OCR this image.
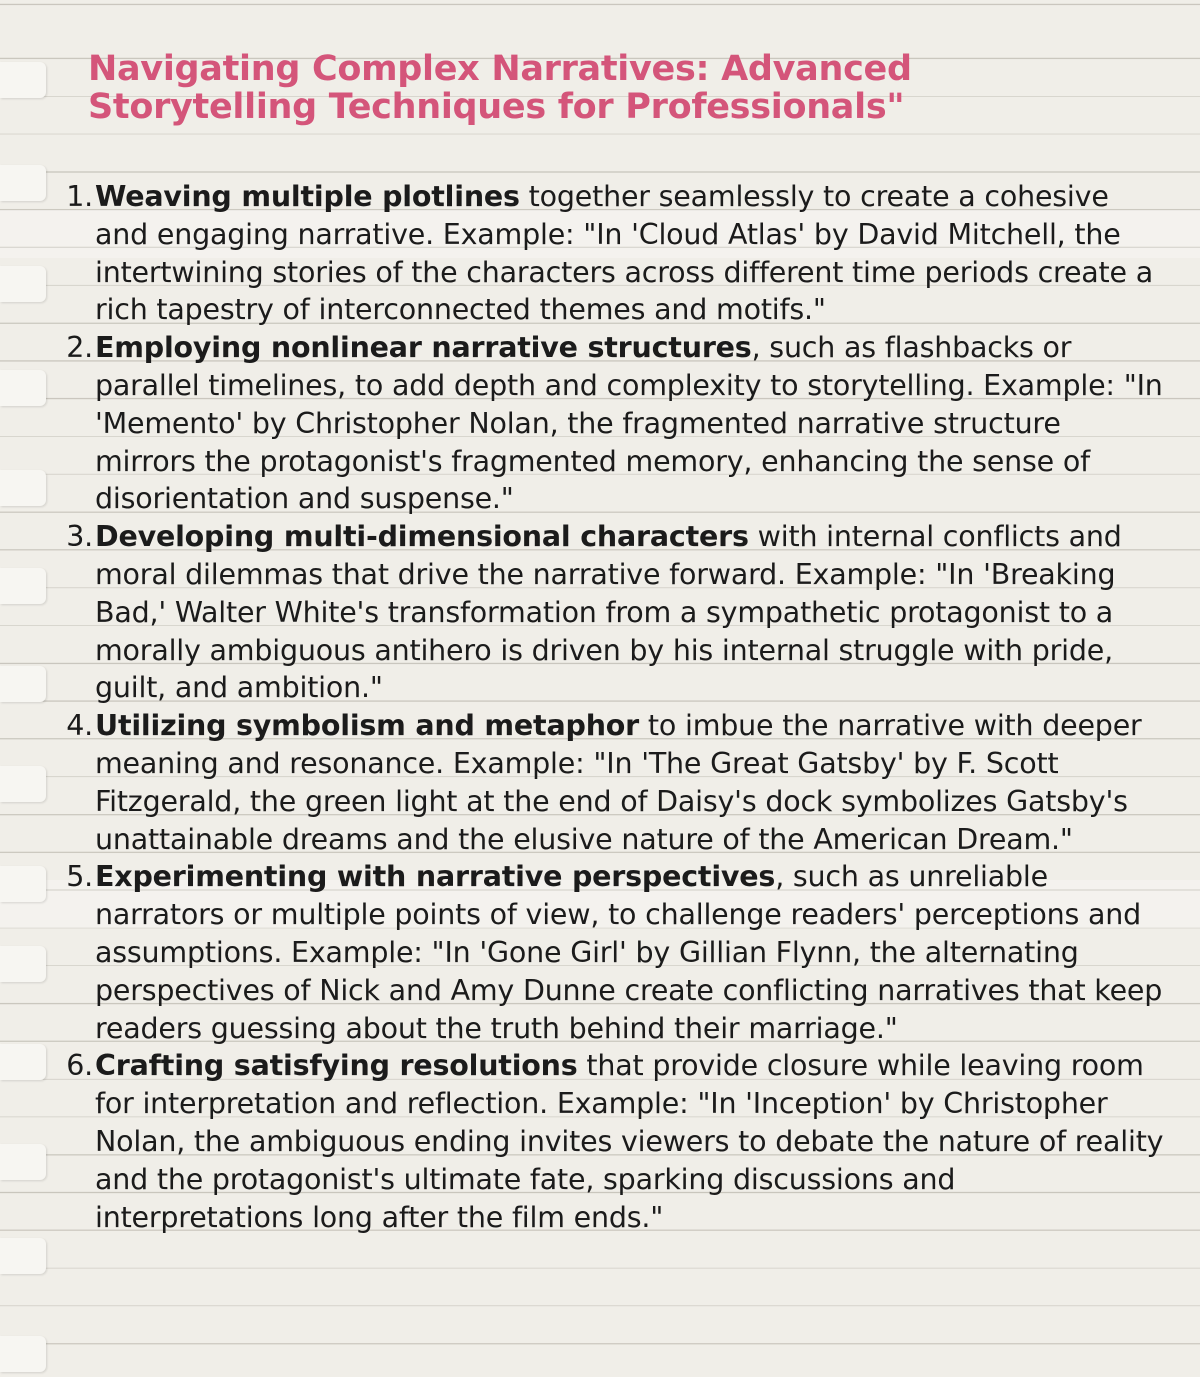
Navigating Complex Narratives: Advanced Storytelling Techniques for Professionals"
1. Weaving multiple plotlines together seamlessly to create a cohesive and engaging narrative. Example: "In 'Cloud Atlas' by David Mitchell, the intertwining stories of the characters across different time periods create a rich tapestry of interconnected themes and motifs."
2. Employing nonlinear narrative structures, such as flashbacks or parallel timelines, to add depth and complexity to storytelling. Example: "In 'Memento' by Christopher Nolan, the fragmented narrative structure mirrors the protagonist's fragmented memory, enhancing the sense of disorientation and suspense."
3. Developing multi-dimensional characters with internal conflicts and moral dilemmas that drive the narrative forward. Example: "In 'Breaking Bad,' Walter White's transformation from a sympathetic protagonist to a morally ambiguous antihero is driven by his internal struggle with pride, guilt, and ambition."
4. Utilizing symbolism and metaphor to imbue the narrative with deeper meaning and resonance. Example: "In 'The Great Gatsby' by F. Scott Fitzgerald, the green light at the end of Daisy's dock symbolizes Gatsby's unattainable dreams and the elusive nature of the American Dream."
5. Experimenting with narrative perspectives, such as unreliable narrators or multiple points of view, to challenge readers' perceptions and assumptions. Example: "In 'Gone Girl' by Gillian Flynn, the alternating perspectives of Nick and Amy Dunne create conflicting narratives that keep readers guessing about the truth behind their marriage."
6. Crafting satisfying resolutions that provide closure while leaving room for interpretation and reflection. Example: "In 'Inception' by Christopher Nolan, the ambiguous ending invites viewers to debate the nature of reality and the protagonist's ultimate fate, sparking discussions and interpretations long after the film ends."
